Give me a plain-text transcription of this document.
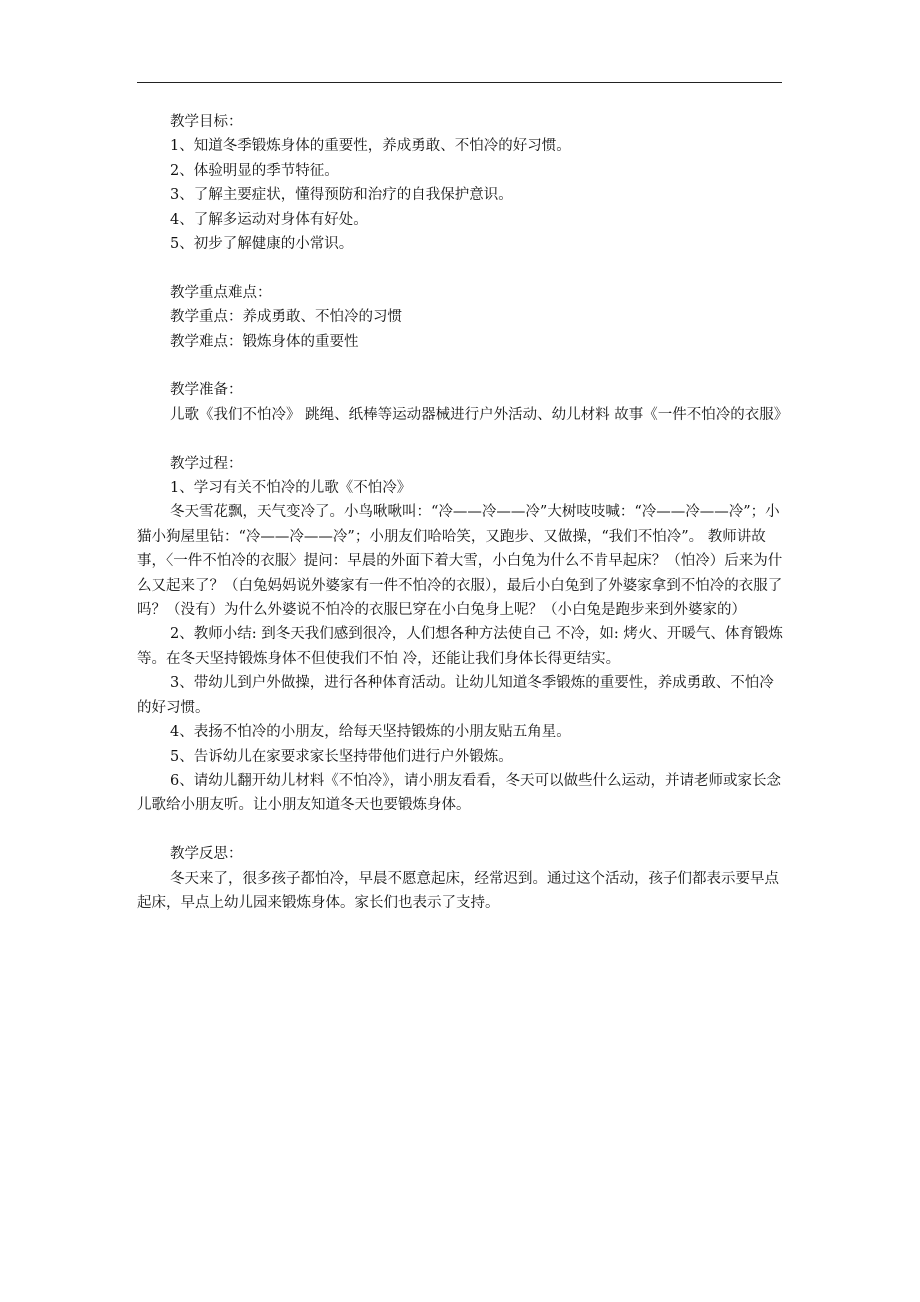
教学目标：

1、知道冬季锻炼身体的重要性，养成勇敢、不怕冷的好习惯。

2、体验明显的季节特征。

3、了解主要症状，懂得预防和治疗的自我保护意识。

4、了解多运动对身体有好处。

5、初步了解健康的小常识。

教学重点难点：

教学重点：养成勇敢、不怕冷的习惯

教学难点：锻炼身体的重要性

教学准备：

儿歌《我们不怕冷》 跳绳、纸棒等运动器械进行户外活动、幼儿材料 故事《一件不怕冷的衣服》

教学过程：

1、学习有关不怕冷的儿歌《不怕冷》

冬天雪花飘，天气变冷了。小鸟啾啾叫：“冷——冷——冷”大树吱吱喊：“冷——冷——冷”；小猫小狗屋里钻：“冷——冷——冷”；小朋友们哈哈笑，又跑步、又做操，“我们不怕冷”。 教师讲故事，〈一件不怕冷的衣服〉提问：早晨的外面下着大雪，小白兔为什么不肯早起床？（怕冷）后来为什么又起来了？（白兔妈妈说外婆家有一件不怕冷的衣服），最后小白兔到了外婆家拿到不怕冷的衣服了吗？（没有）为什么外婆说不怕冷的衣服巳穿在小白兔身上呢？（小白兔是跑步来到外婆家的）

2、教师小结: 到冬天我们感到很冷，人们想各种方法使自己 不冷，如: 烤火、开暖气、体育锻炼等。在冬天坚持锻炼身体不但使我们不怕 冷，还能让我们身体长得更结实。

3、带幼儿到户外做操，进行各种体育活动。让幼儿知道冬季锻炼的重要性，养成勇敢、不怕冷的好习惯。

4、表扬不怕冷的小朋友，给每天坚持锻炼的小朋友贴五角星。

5、告诉幼儿在家要求家长坚持带他们进行户外锻炼。

6、请幼儿翻开幼儿材料《不怕冷》，请小朋友看看，冬天可以做些什么运动，并请老师或家长念儿歌给小朋友听。让小朋友知道冬天也要锻炼身体。

教学反思：

冬天来了，很多孩子都怕冷，早晨不愿意起床，经常迟到。通过这个活动，孩子们都表示要早点起床，早点上幼儿园来锻炼身体。家长们也表示了支持。
